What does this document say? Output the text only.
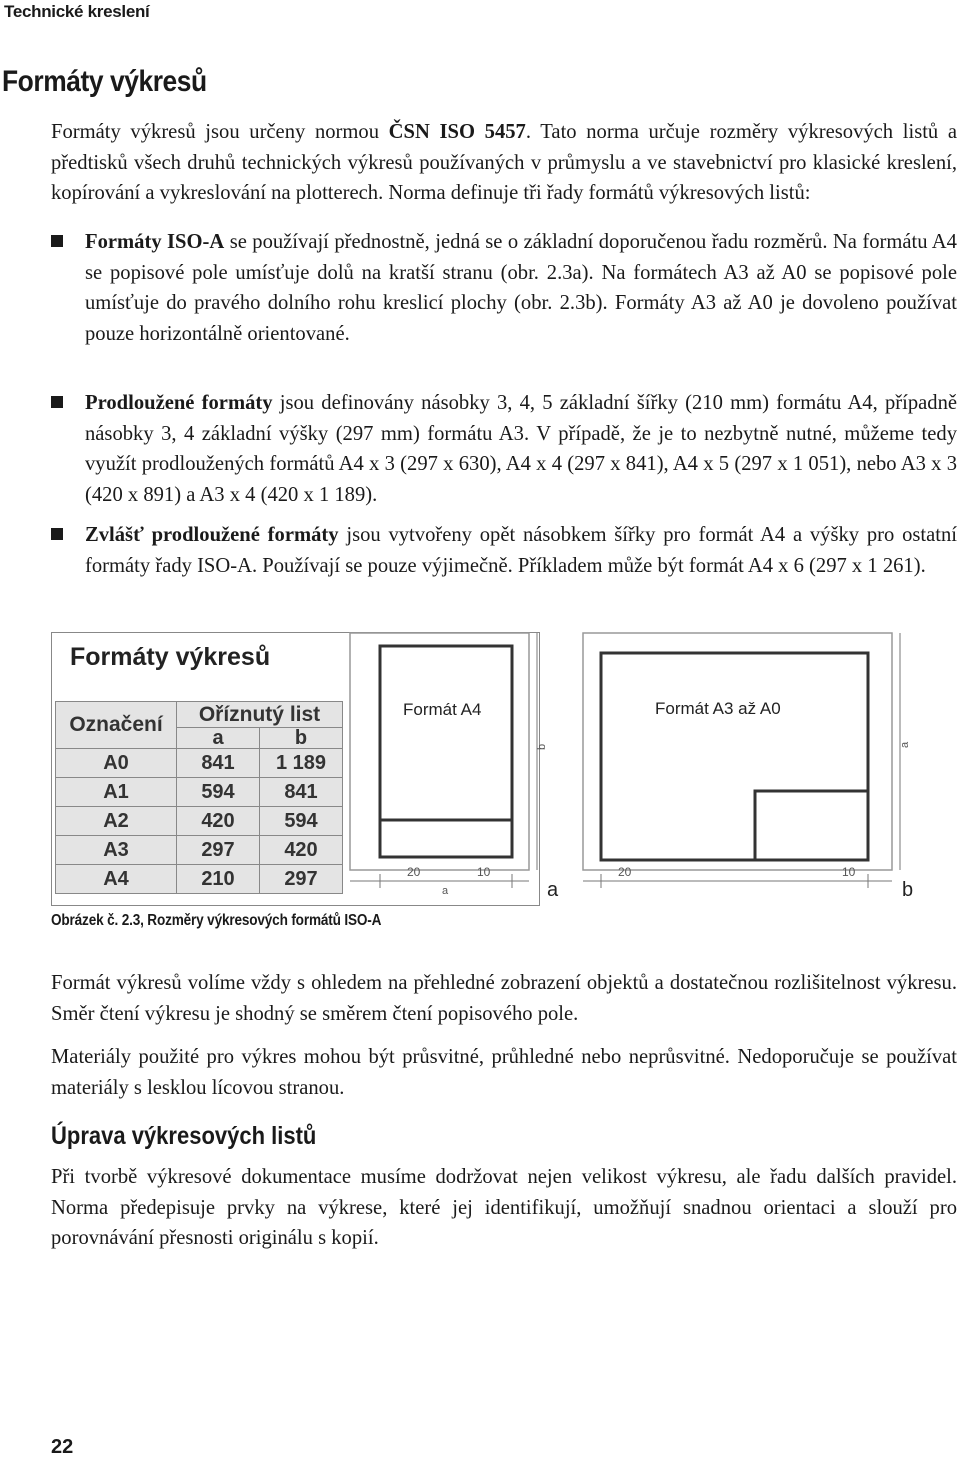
Technické kreslení
Formáty výkresů

Formáty výkresů jsou určeny normou ČSN ISO 5457. Tato norma určuje rozměry výkresových listů a předtisků všech druhů technických výkresů používaných v průmyslu a ve stavebnictví pro klasické kreslení, kopírování a vykreslování na plotterech. Norma definuje tři řady formátů výkresových listů:

Formáty ISO-A se používají přednostně, jedná se o základní doporučenou řadu rozměrů. Na formátu A4 se popisové pole umísťuje dolů na kratší stranu (obr. 2.3a). Na formátech A3 až A0 se popisové pole umísťuje do pravého dolního rohu kreslicí plochy (obr. 2.3b). Formáty A3 až A0 je dovoleno používat pouze horizontálně orientované.

Prodloužené formáty jsou definovány násobky 3, 4, 5 základní šířky (210 mm) formátu A4, případně násobky 3, 4 základní výšky (297 mm) formátu A3. V případě, že je to nezbytně nutné, můžeme tedy využít prodloužených formátů A4 x 3 (297 x 630), A4 x 4 (297 x 841), A4 x 5 (297 x 1 051), nebo A3 x 3 (420 x 891) a A3 x 4 (420 x 1 189).

Zvlášť prodloužené formáty jsou vytvořeny opět násobkem šířky pro formát A4 a výšky pro ostatní formáty řady ISO-A. Používají se pouze výjimečně. Příkladem může být formát A4 x 6 (297 x 1 261).

Formáty výkresů
Označení	Oříznutý list	
	a	b
A0	841	1 189
A1	594	841
A2	420	594
A3	297	420
A4	210	297
Formát A4
b
20	10
a	a
Formát A3 až A0
a
20	10
b
Obrázek č. 2.3, Rozměry výkresových formátů ISO-A

Formát výkresů volíme vždy s ohledem na přehledné zobrazení objektů a dostatečnou rozlišitelnost výkresu. Směr čtení výkresu je shodný se směrem čtení popisového pole.

Materiály použité pro výkres mohou být průsvitné, průhledné nebo neprůsvitné. Nedoporučuje se používat materiály s lesklou lícovou stranou.

Úprava výkresových listů

Při tvorbě výkresové dokumentace musíme dodržovat nejen velikost výkresu, ale řadu dalších pravidel. Norma předepisuje prvky na výkrese, které jej identifikují, umožňují snadnou orientaci a slouží pro porovnávání přesnosti originálu s kopií.

22
